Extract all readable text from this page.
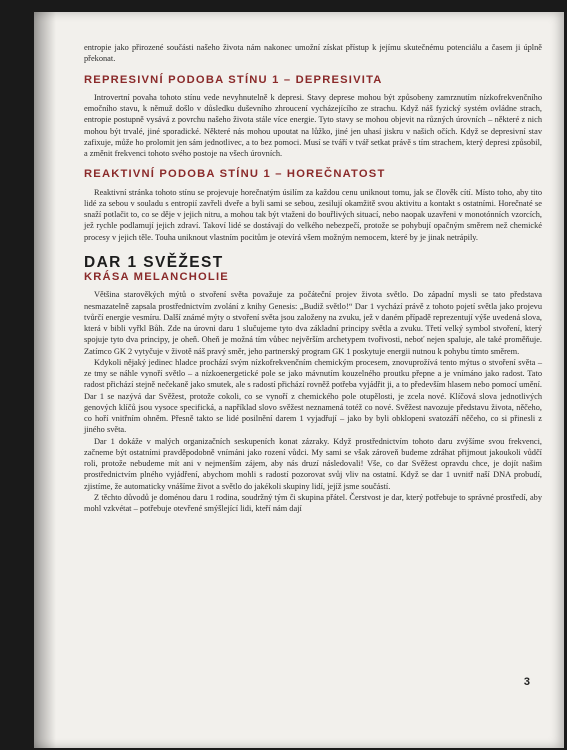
entropie jako přirozené součásti našeho života nám nakonec umožní získat přístup k jejímu skutečnému potenciálu a časem ji úplně překonat.

REPRESIVNÍ PODOBA STÍNU 1 – DEPRESIVITA

Introvertní povaha tohoto stínu vede nevyhnutelně k depresi. Stavy deprese mohou být způsobeny zamrznutím nízkofrekvenčního emočního stavu, k němuž došlo v důsledku duševního zhroucení vycházejícího ze strachu. Když náš fyzický systém ovládne strach, entropie postupně vysává z povrchu našeho života stále více energie. Tyto stavy se mohou objevit na různých úrovních – některé z nich mohou být trvalé, jiné sporadické. Některé nás mohou upoutat na lůžko, jiné jen uhasí jiskru v našich očích. Když se depresivní stav zafixuje, může ho prolomit jen sám jednotlivec, a to bez pomoci. Musí se tváří v tvář setkat právě s tím strachem, který depresi způsobil, a změnit frekvenci tohoto svého postoje na všech úrovních.

REAKTIVNÍ PODOBA STÍNU 1 – HOREČNATOST

Reaktivní stránka tohoto stínu se projevuje horečnatým úsilím za každou cenu uniknout tomu, jak se člověk cítí. Místo toho, aby tito lidé za sebou v souladu s entropií zavřeli dveře a byli sami se sebou, zesilují okamžitě svou aktivitu a kontakt s ostatními. Horečnaté se snaží potlačit to, co se děje v jejich nitru, a mohou tak být vtaženi do bouřlivých situací, nebo naopak uzavřeni v monotónních vzorcích, jež rychle podlamují jejich zdraví. Takoví lidé se dostávají do velkého nebezpečí, protože se pohybují opačným směrem než chemické procesy v jejich těle. Touha uniknout vlastním pocitům je otevírá všem možným nemocem, které by je jinak netrápily.

DAR 1 SVĚŽEST
KRÁSA MELANCHOLIE

Většina starověkých mýtů o stvoření světa považuje za počáteční projev života světlo. Do západní mysli se tato představa nesmazatelně zapsala prostřednictvím zvolání z knihy Genesis: „Budiž světlo!“ Dar 1 vychází právě z tohoto pojetí světla jako projevu tvůrčí energie vesmíru. Další známé mýty o stvoření světa jsou založeny na zvuku, jež v daném případě reprezentují výše uvedená slova, která v bibli vyřkl Bůh. Zde na úrovni daru 1 slučujeme tyto dva základní principy světla a zvuku. Třetí velký symbol stvoření, který spojuje tyto dva principy, je oheň. Oheň je možná tím vůbec nejvěrším archetypem tvořivosti, neboť nejen spaluje, ale také proměňuje. Zatímco GK 2 vytyčuje v životě náš pravý směr, jeho partnerský program GK 1 poskytuje energii nutnou k pohybu tímto směrem.

Kdykoli nějaký jedinec hladce prochází svým nízkofrekvenčním chemickým procesem, znovuprožívá tento mýtus o stvoření světa – ze tmy se náhle vynoří světlo – a nízkoenergetické pole se jako mávnutím kouzelného proutku přepne a je vnímáno jako radost. Tato radost přichází stejně nečekaně jako smutek, ale s radostí přichází rovněž potřeba vyjádřit ji, a to především hlasem nebo pomocí umění. Dar 1 se nazývá dar Svěžest, protože cokoli, co se vynoří z chemického pole otupělosti, je zcela nové. Klíčová slova jednotlivých genových klíčů jsou vysoce specifická, a například slovo svěžest neznamená totéž co nové. Svěžest navozuje představu života, něčeho, co hoří vnitřním ohněm. Přesně takto se lidé posilnění darem 1 vyjadřují – jako by byli obklopeni svatozáří něčeho, co si přinesli z jiného světa.

Dar 1 dokáže v malých organizačních seskupeních konat zázraky. Když prostřednictvím tohoto daru zvýšíme svou frekvenci, začneme být ostatními pravděpodobně vnímáni jako rození vůdci. My sami se však zároveň budeme zdráhat přijmout jakoukoli vůdčí roli, protože nebudeme mít ani v nejmenším zájem, aby nás druzí následovali! Vše, co dar Svěžest opravdu chce, je dojít našim prostřednictvím plného vyjádření, abychom mohli s radostí pozorovat svůj vliv na ostatní. Když se dar 1 uvnitř naší DNA probudí, zjistíme, že automaticky vnášíme život a světlo do jakékoli skupiny lidí, jejíž jsme součástí.

Z těchto důvodů je doménou daru 1 rodina, soudržný tým či skupina přátel. Čerstvost je dar, který potřebuje to správné prostředí, aby mohl vzkvétat – potřebuje otevřené smýšlející lidi, kteří nám dají

3
